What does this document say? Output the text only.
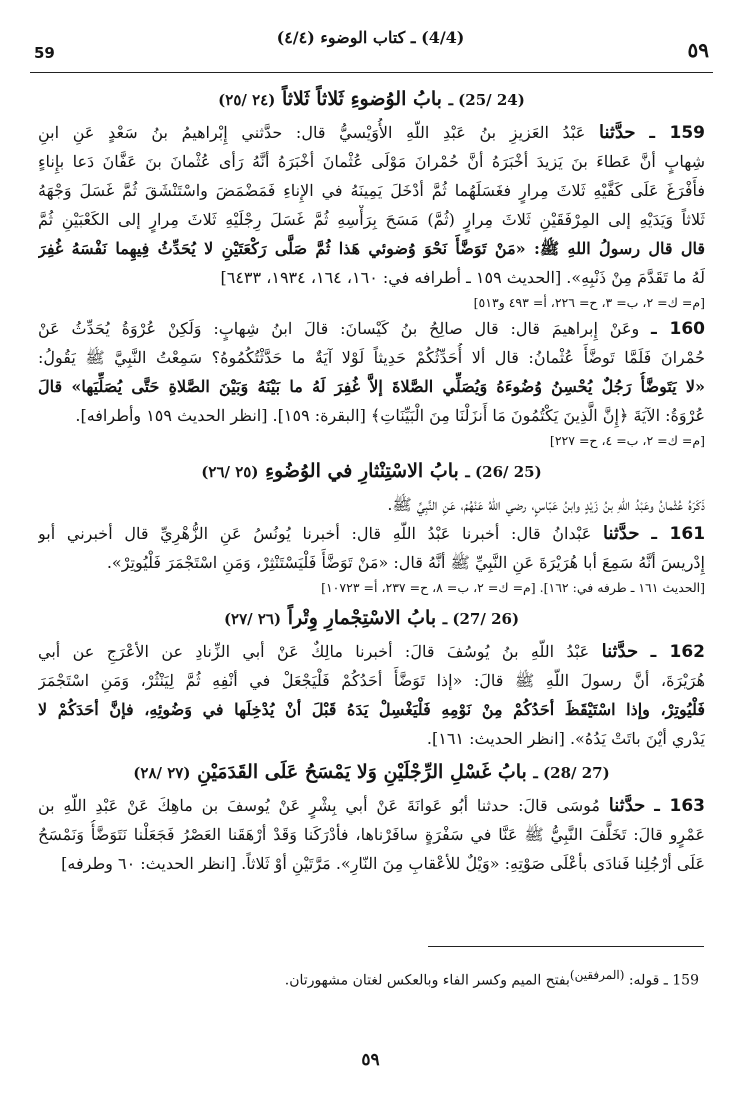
59
(4/4) ـ كتاب الوضوء (٤/٤)
٥٩
(24 /25) ـ بابُ الوُضوءِ ثَلاثاً ثَلاثاً (٢٤ /٢٥)
159 ـ حدَّثنا عَبْدُ العَزيزِ بنُ عَبْدِ اللّهِ الأُوَيْسيُّ قال: حدَّثني إِبْراهيمُ بنُ سَعْدٍ عَنِ ابنِ
شِهابٍ أنَّ عَطاءَ بنَ يَزيدَ أخْبَرَهُ أنَّ حُمْرانَ مَوْلَى عُثْمانَ أخْبَرَهُ أنَّهُ رَأى عُثْمانَ بنَ عَفَّانَ دَعا بإِناءٍ
فأَفْرَغَ عَلَى كَفَّيْهِ ثَلاثَ مِرارٍ فغَسَلَهُما ثُمَّ أدْخَلَ يَمِينَهُ في الإِناءِ فَمَضْمَضَ واسْتَنْشَقَ ثُمَّ غَسَلَ وَجْهَهُ
ثَلاثاً وَيَدَيْهِ إلى المِرْفَقَيْنِ ثَلاثَ مِرارٍ (ثُمَّ) مَسَحَ بِرَأْسِهِ ثُمَّ غَسَلَ رِجْلَيْهِ ثَلاثَ مِرارٍ إلى الكَعْبَيْنِ ثُمَّ
قال قال رسولُ اللهِ ﷺ: «مَنْ تَوَضَّأَ نَحْوَ وُضوئي هَذا ثُمَّ صَلَّى رَكْعَتَيْنِ لا يُحَدِّثُ فِيهِما نَفْسَهُ غُفِرَ
لَهُ ما تَقَدَّمَ مِنْ ذَنْبِهِ». [الحديث ١٥٩ ـ أطرافه في: ١٦٠، ١٦٤، ١٩٣٤، ٦٤٣٣]
[م= ك= ٢، ب= ٣، ح= ٢٢٦، أ= ٤٩٣ و٥١٣]
160 ـ وعَنْ إِبراهيمَ قال: قال صالِحُ بنُ كَيْسانَ: قالَ ابنُ شِهابٍ: وَلَكِنْ عُرْوَةُ يُحَدِّثُ عَنْ
حُمْرانَ فَلَمَّا تَوضَّأَ عُثْمانُ: قال ألا أُحَدِّثُكُمْ حَدِيثاً لَوْلا آيَةٌ ما حَدَّثْتُكُمُوهُ؟ سَمِعْتُ النَّبِيَّ ﷺ يَقُولُ:
«لا يَتَوضَّأُ رَجُلٌ يُحْسِنُ وُضُوءَهُ وَيُصَلِّي الصَّلاةَ إلاَّ غُفِرَ لَهُ ما بَيْنَهُ وَبَيْنَ الصَّلاةِ حَتَّى يُصَلِّيَها» قالَ
عُرْوَةُ: الآيَةَ ﴿إِنَّ الَّذِينَ يَكْتُمُونَ مَا أَنزَلْنَا مِنَ الْبَيِّنَاتِ﴾ [البقرة: ١٥٩]. [انظر الحديث ١٥٩ وأطرافه].
[م= ك= ٢، ب= ٤، ح= ٢٢٧]
(25 /26) ـ بابُ الاسْتِنْثارِ في الوُضُوءِ (٢٥ /٢٦)
ذَكَرَهُ عُثْمانُ وعَبْدُ اللّهِ بنُ زَيْدٍ وابنُ عَبّاسٍ، رضي اللّهُ عَنْهُمْ، عَنِ النَّبِيِّ ﷺ.
161 ـ حدَّثنا عَبْدانُ قال: أخبرنا عَبْدُ اللّهِ قال: أخبرنا يُونُسُ عَنِ الزُّهْرِيِّ قال أخبرني أبو
إِدْريسَ أنَّهُ سَمِعَ أبا هُرَيْرَةَ عَنِ النَّبِيِّ ﷺ أنَّهُ قال: «مَنْ تَوَضَّأَ فَلْيَسْتَنْثِرْ، وَمَنِ اسْتَجْمَرَ فَلْيُوتِرْ».
[الحديث ١٦١ ـ طرفه في: ١٦٢]. [م= ك= ٢، ب= ٨، ح= ٢٣٧، أ= ١٠٧٢٣]
(26 /27) ـ بابُ الاسْتِجْمارِ وِتْراً (٢٦ /٢٧)
162 ـ حدَّثنا عَبْدُ اللّهِ بنُ يُوسُفَ قالَ: أخبرنا مالِكٌ عَنْ أبي الزِّنادِ عن الأعْرَجِ عن أبي
هُرَيْرَةَ، أنَّ رسولَ اللّهِ ﷺ قالَ: «إذا تَوَضَّأَ أحَدُكُمْ فَلْيَجْعَلْ في أنْفِهِ ثُمَّ لِيَنْثُرْ، وَمَنِ اسْتَجْمَرَ
فَلْيُوتِرْ، وإذا اسْتَيْقَظَ أحَدُكُمْ مِنْ نَوْمِهِ فَلْيَغْسِلْ يَدَهُ قَبْلَ أنْ يُدْخِلَها في وَضُوئِهِ، فإنَّ أحَدَكُمْ لا
يَدْري أيْنَ باتَتْ يَدُهُ». [انظر الحديث: ١٦١].
(27 /28) ـ بابُ غَسْلِ الرِّجْلَيْنِ وَلا يَمْسَحُ عَلَى القَدَمَيْنِ (٢٧ /٢٨)
163 ـ حدَّثنا مُوسَى قالَ: حدثنا أبُو عَوانَةَ عَنْ أبي بِشْرٍ عَنْ يُوسفَ بن ماهِكَ عَنْ عَبْدِ اللّهِ بن
عَمْرٍو قالَ: تَخَلَّفَ النَّبِيُّ ﷺ عَنَّا في سَفْرَةٍ سافَرْناها، فأدْرَكَنا وَقَدْ أرْهَقَنا العَصْرُ فَجَعَلْنا نَتَوَضَّأُ وَنَمْسَحُ
عَلَى أرْجُلِنا فَنادَى بأعْلَى صَوْتِهِ: «وَيْلٌ للأعْقابِ مِنَ النّارِ». مَرَّتَيْنِ أوْ ثَلاثاً. [انظر الحديث: ٦٠ وطرفه]
159 ـ قوله: $^{(المرفقين)}$بفتح الميم وكسر الفاء وبالعكس لغتان مشهورتان.
٥٩
